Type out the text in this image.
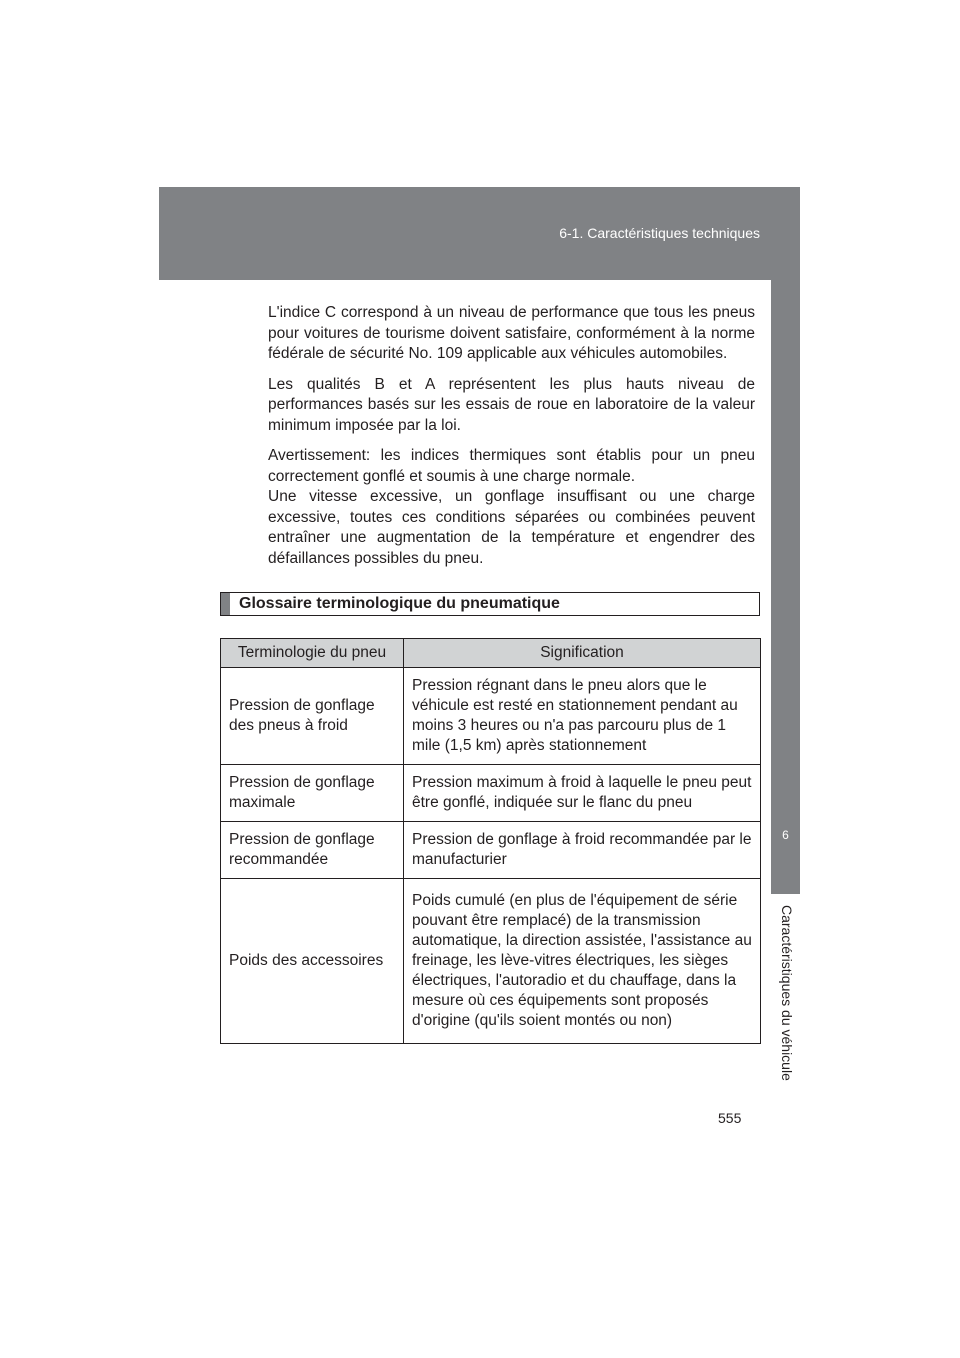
6-1. Caractéristiques techniques
6
Caractéristiques du véhicule

L'indice C correspond à un niveau de performance que tous les pneus pour voitures de tourisme doivent satisfaire, conformément à la norme fédérale de sécurité No. 109 applicable aux véhicules automobiles.

Les qualités B et A représentent les plus hauts niveau de performances basés sur les essais de roue en laboratoire de la valeur minimum imposée par la loi.

Avertissement: les indices thermiques sont établis pour un pneu correctement gonflé et soumis à une charge normale.

Une vitesse excessive, un gonflage insuffisant ou une charge excessive, toutes ces conditions séparées ou combinées peuvent entraîner une augmentation de la température et engendrer des défaillances possibles du pneu.

Glossaire terminologique du pneumatique
Terminologie du pneu	Signification
Pression de gonflage des pneus à froid	Pression régnant dans le pneu alors que le véhicule est resté en stationnement pendant au moins 3 heures ou n'a pas parcouru plus de 1 mile (1,5 km) après stationnement
Pression de gonflage maximale	Pression maximum à froid à laquelle le pneu peut être gonflé, indiquée sur le flanc du pneu
Pression de gonflage recommandée	Pression de gonflage à froid recommandée par le manufacturier
Poids des accessoires	Poids cumulé (en plus de l'équipement de série pouvant être remplacé) de la transmission automatique, la direction assistée, l'assistance au freinage, les lève-vitres électriques, les sièges électriques, l'autoradio et du chauffage, dans la mesure où ces équipements sont proposés d'origine (qu'ils soient montés ou non)
555
